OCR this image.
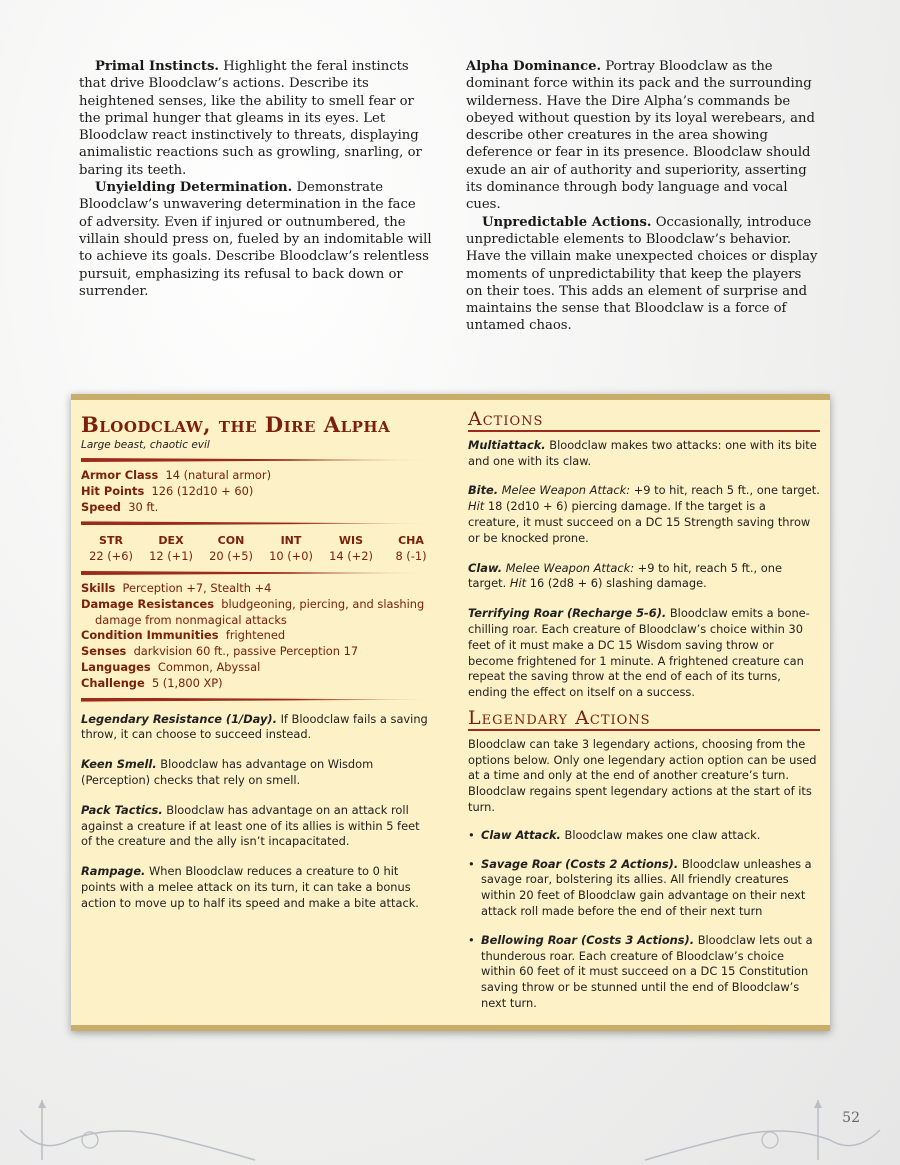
Primal Instincts. Highlight the feral instincts that drive Bloodclaw’s actions. Describe its heightened senses, like the ability to smell fear or the primal hunger that gleams in its eyes. Let Bloodclaw react instinctively to threats, displaying animalistic reactions such as growling, snarling, or baring its teeth.

Unyielding Determination. Demonstrate Bloodclaw’s unwavering determination in the face of adversity. Even if injured or outnumbered, the villain should press on, fueled by an indomitable will to achieve its goals. Describe Bloodclaw’s relentless pursuit, emphasizing its refusal to back down or surrender.

Alpha Dominance. Portray Bloodclaw as the dominant force within its pack and the surrounding wilderness. Have the Dire Alpha’s commands be obeyed without question by its loyal werebears, and describe other creatures in the area showing deference or fear in its presence. Bloodclaw should exude an air of authority and superiority, asserting its dominance through body language and vocal cues.

Unpredictable Actions. Occasionally, introduce unpredictable elements to Bloodclaw’s behavior. Have the villain make unexpected choices or display moments of unpredictability that keep the players on their toes. This adds an element of surprise and maintains the sense that Bloodclaw is a force of untamed chaos.

Bloodclaw, the Dire Alpha
Large beast, chaotic evil
Armor Class 14 (natural armor)
Hit Points 126 (12d10 + 60)
Speed 30 ft.
STR
22 (+6)
DEX
12 (+1)
CON
20 (+5)
INT
10 (+0)
WIS
14 (+2)
CHA
8 (-1)
Skills Perception +7, Stealth +4
Damage Resistances bludgeoning, piercing, and slashing damage from nonmagical attacks
Condition Immunities frightened
Senses darkvision 60 ft., passive Perception 17
Languages Common, Abyssal
Challenge 5 (1,800 XP)
Legendary Resistance (1/Day). If Bloodclaw fails a saving throw, it can choose to succeed instead.
Keen Smell. Bloodclaw has advantage on Wisdom (Perception) checks that rely on smell.
Pack Tactics. Bloodclaw has advantage on an attack roll against a creature if at least one of its allies is within 5 feet of the creature and the ally isn’t incapacitated.
Rampage. When Bloodclaw reduces a creature to 0 hit points with a melee attack on its turn, it can take a bonus action to move up to half its speed and make a bite attack.
Actions
Multiattack. Bloodclaw makes two attacks: one with its bite and one with its claw.
Bite. Melee Weapon Attack: +9 to hit, reach 5 ft., one target. Hit 18 (2d10 + 6) piercing damage. If the target is a creature, it must succeed on a DC 15 Strength saving throw or be knocked prone.
Claw. Melee Weapon Attack: +9 to hit, reach 5 ft., one target. Hit 16 (2d8 + 6) slashing damage.
Terrifying Roar (Recharge 5-6). Bloodclaw emits a bone-chilling roar. Each creature of Bloodclaw’s choice within 30 feet of it must make a DC 15 Wisdom saving throw or become frightened for 1 minute. A frightened creature can repeat the saving throw at the end of each of its turns, ending the effect on itself on a success.
Legendary Actions
Bloodclaw can take 3 legendary actions, choosing from the options below. Only one legendary action option can be used at a time and only at the end of another creature’s turn. Bloodclaw regains spent legendary actions at the start of its turn.
• Claw Attack. Bloodclaw makes one claw attack.
• Savage Roar (Costs 2 Actions). Bloodclaw unleashes a savage roar, bolstering its allies. All friendly creatures within 20 feet of Bloodclaw gain advantage on their next attack roll made before the end of their next turn
• Bellowing Roar (Costs 3 Actions). Bloodclaw lets out a thunderous roar. Each creature of Bloodclaw’s choice within 60 feet of it must succeed on a DC 15 Constitution saving throw or be stunned until the end of Bloodclaw’s next turn.
52
